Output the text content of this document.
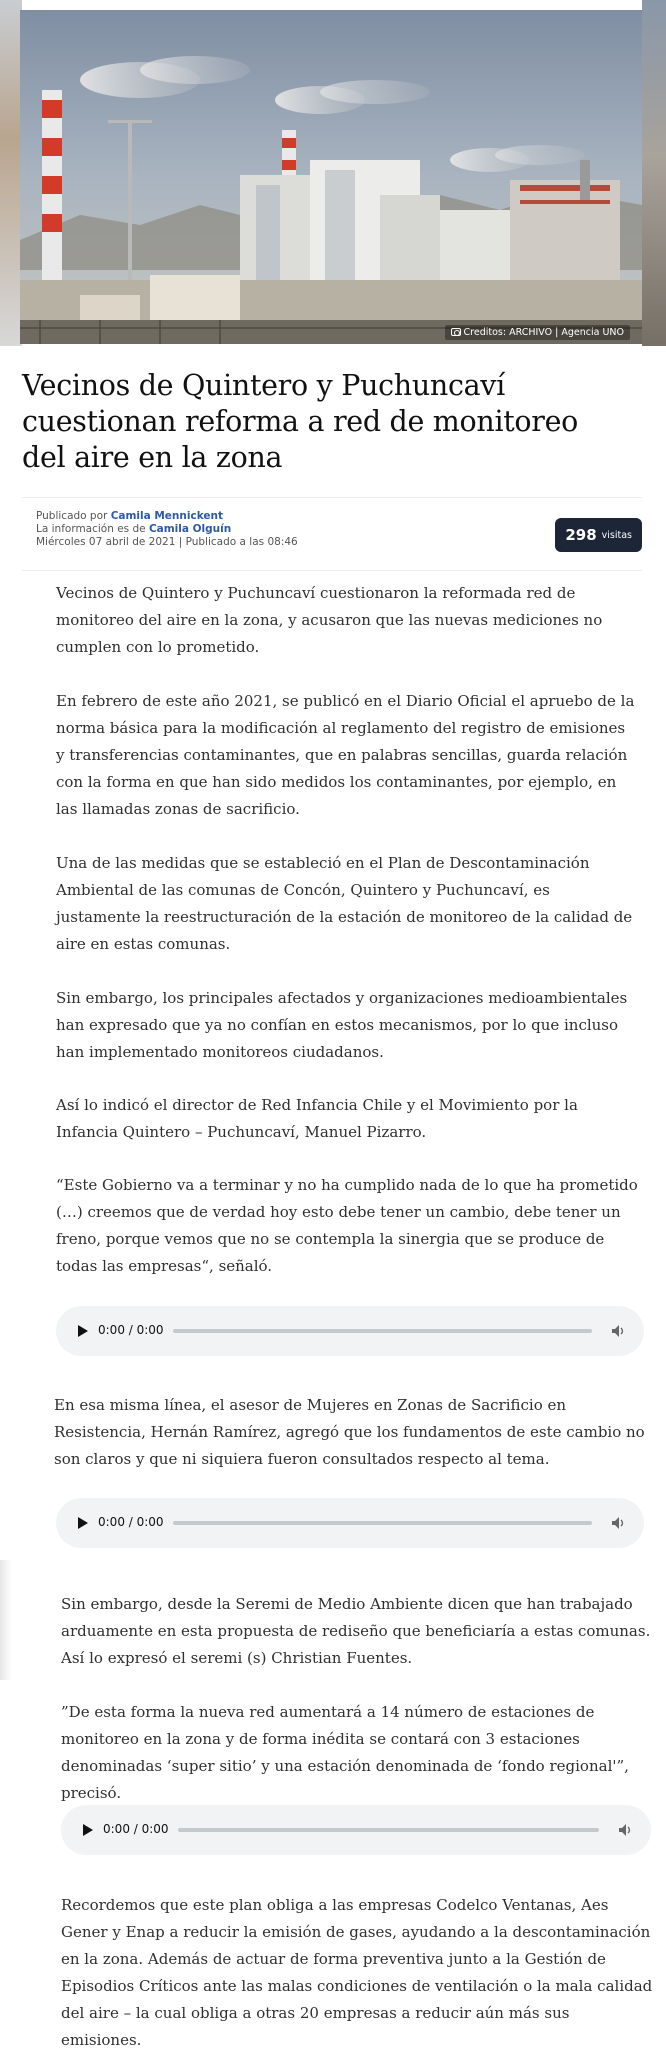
Creditos: ARCHIVO | Agencia UNO
Vecinos de Quintero y Puchuncaví cuestionan reforma a red de monitoreo del aire en la zona
Publicado por Camila Mennickent
La información es de Camila Olguín
Miércoles 07 abril de 2021 | Publicado a las 08:46	298 visitas

Vecinos de Quintero y Puchuncaví cuestionaron la reformada red de monitoreo del aire en la zona, y acusaron que las nuevas mediciones no cumplen con lo prometido.

En febrero de este año 2021, se publicó en el Diario Oficial el apruebo de la norma básica para la modificación al reglamento del registro de emisiones y transferencias contaminantes, que en palabras sencillas, guarda relación con la forma en que han sido medidos los contaminantes, por ejemplo, en las llamadas zonas de sacrificio.

Una de las medidas que se estableció en el Plan de Descontaminación Ambiental de las comunas de Concón, Quintero y Puchuncaví, es justamente la reestructuración de la estación de monitoreo de la calidad de aire en estas comunas.

Sin embargo, los principales afectados y organizaciones medioambientales han expresado que ya no confían en estos mecanismos, por lo que incluso han implementado monitoreos ciudadanos.

Así lo indicó el director de Red Infancia Chile y el Movimiento por la Infancia Quintero – Puchuncaví, Manuel Pizarro.

“Este Gobierno va a terminar y no ha cumplido nada de lo que ha prometido (…) creemos que de verdad hoy esto debe tener un cambio, debe tener un freno, porque vemos que no se contempla la sinergia que se produce de todas las empresas“, señaló.

0:00 / 0:00

En esa misma línea, el asesor de Mujeres en Zonas de Sacrificio en Resistencia, Hernán Ramírez, agregó que los fundamentos de este cambio no son claros y que ni siquiera fueron consultados respecto al tema.

0:00 / 0:00

Sin embargo, desde la Seremi de Medio Ambiente dicen que han trabajado arduamente en esta propuesta de rediseño que beneficiaría a estas comunas. Así lo expresó el seremi (s) Christian Fuentes.

”De esta forma la nueva red aumentará a 14 número de estaciones de monitoreo en la zona y de forma inédita se contará con 3 estaciones denominadas ‘super sitio’ y una estación denominada de ‘fondo regional'”, precisó.

0:00 / 0:00

Recordemos que este plan obliga a las empresas Codelco Ventanas, Aes Gener y Enap a reducir la emisión de gases, ayudando a la descontaminación en la zona. Además de actuar de forma preventiva junto a la Gestión de Episodios Críticos ante las malas condiciones de ventilación o la mala calidad del aire – la cual obliga a otras 20 empresas a reducir aún más sus emisiones.
